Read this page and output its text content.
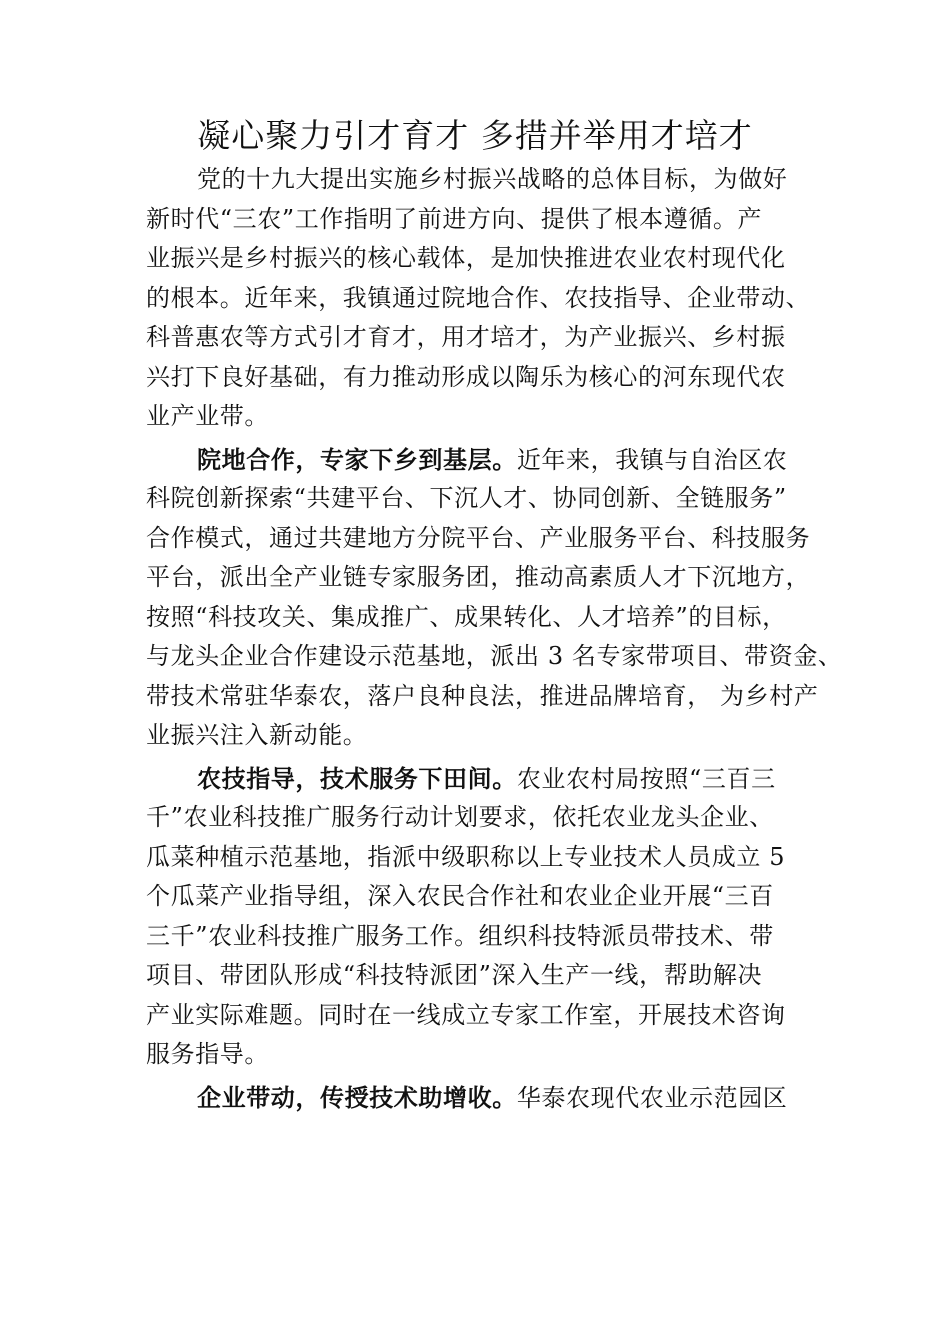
凝心聚力引才育才 多措并举用才培才
党的十九大提出实施乡村振兴战略的总体目标，为做好
新时代“三农”工作指明了前进方向、提供了根本遵循。产
业振兴是乡村振兴的核心载体，是加快推进农业农村现代化
的根本。近年来，我镇通过院地合作、农技指导、企业带动、
科普惠农等方式引才育才，用才培才，为产业振兴、乡村振
兴打下良好基础，有力推动形成以陶乐为核心的河东现代农
业产业带。
院地合作，专家下乡到基层。近年来，我镇与自治区农
科院创新探索“共建平台、下沉人才、协同创新、全链服务”
合作模式，通过共建地方分院平台、产业服务平台、科技服务
平台，派出全产业链专家服务团，推动高素质人才下沉地方，
按照“科技攻关、集成推广、成果转化、人才培养”的目标，
与龙头企业合作建设示范基地，派出 3 名专家带项目、带资金、
带技术常驻华泰农，落户良种良法，推进品牌培育， 为乡村产
业振兴注入新动能。
农技指导，技术服务下田间。农业农村局按照“三百三
千”农业科技推广服务行动计划要求，依托农业龙头企业、
瓜菜种植示范基地，指派中级职称以上专业技术人员成立 5
个瓜菜产业指导组，深入农民合作社和农业企业开展“三百
三千”农业科技推广服务工作。组织科技特派员带技术、带
项目、带团队形成“科技特派团”深入生产一线，帮助解决
产业实际难题。同时在一线成立专家工作室，开展技术咨询
服务指导。
企业带动，传授技术助增收。华泰农现代农业示范园区
